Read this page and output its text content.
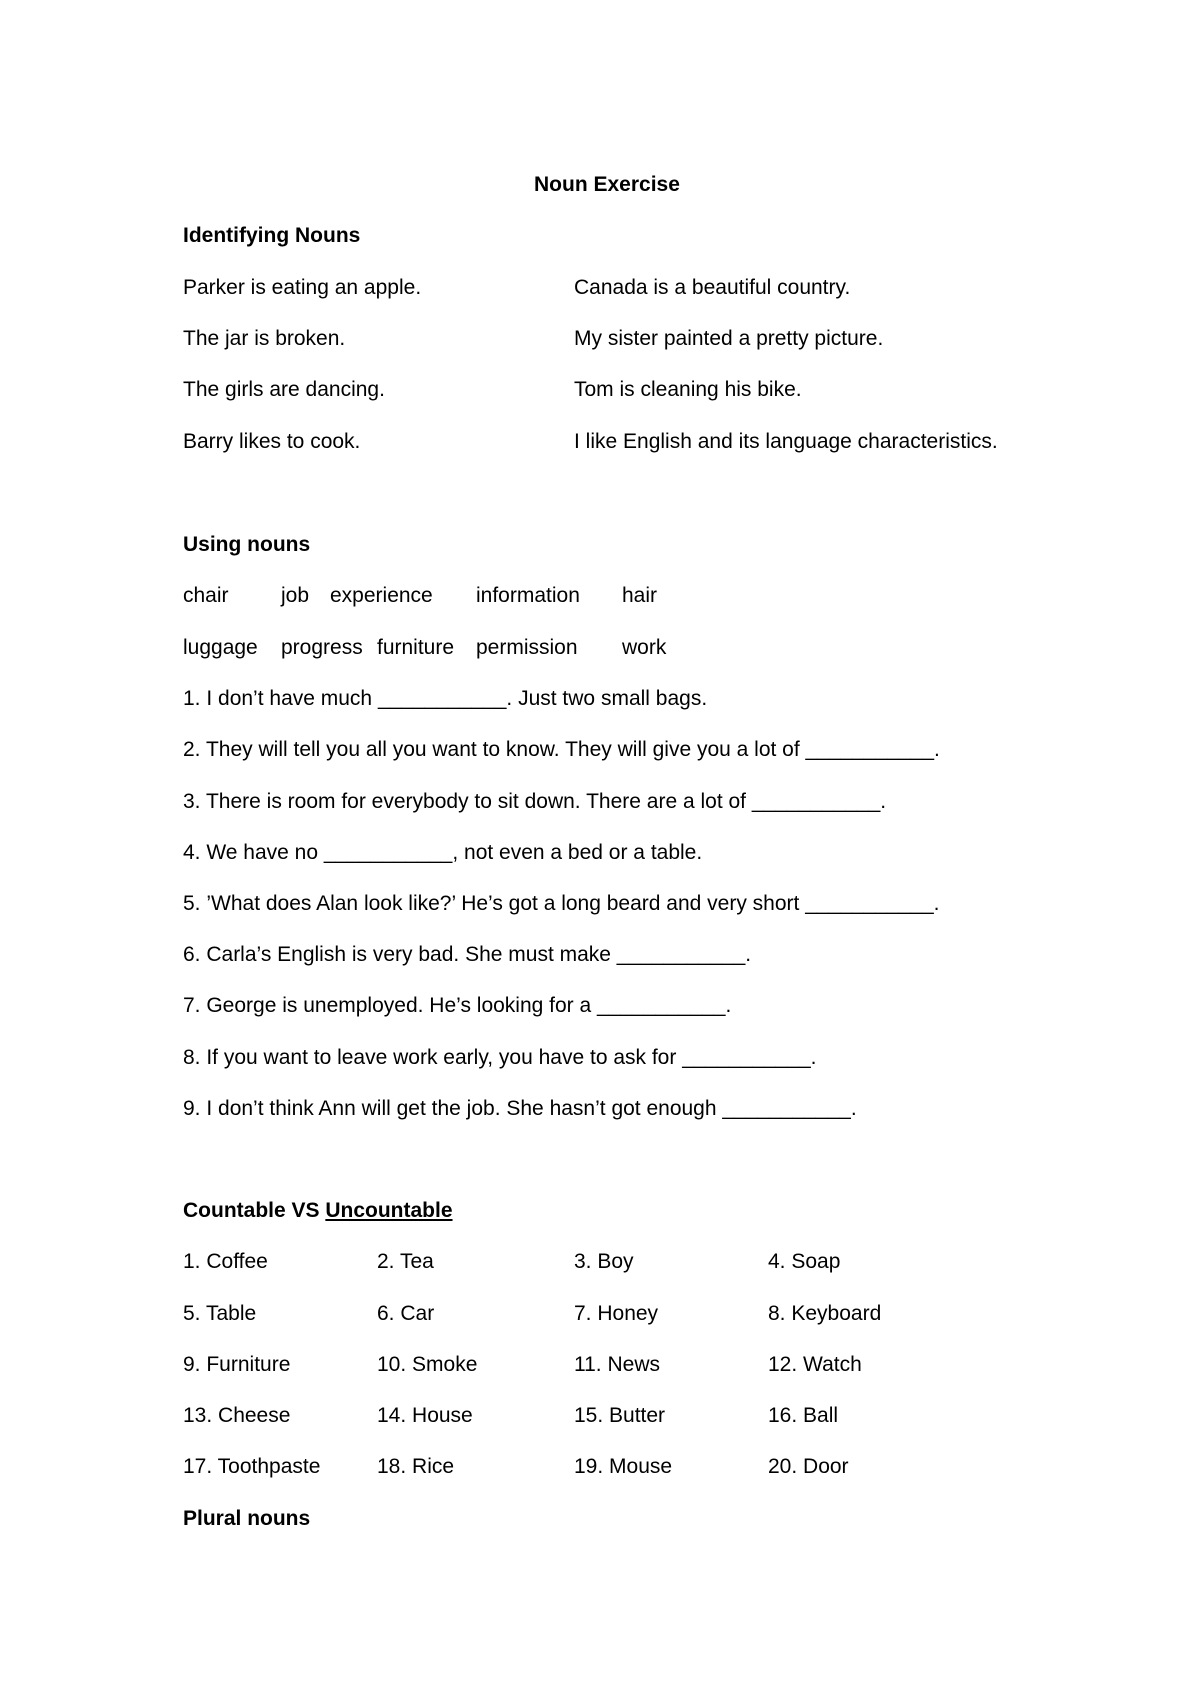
Noun Exercise
Identifying Nouns
Parker is eating an apple.	Canada is a beautiful country.
The jar is broken.	My sister painted a pretty picture.
The girls are dancing.	Tom is cleaning his bike.
Barry likes to cook.	I like English and its language characteristics.
Using nouns
chair job experience information hair
luggage progress furniture permission work
1. I don’t have much ___________. Just two small bags.
2. They will tell you all you want to know. They will give you a lot of ___________.
3. There is room for everybody to sit down. There are a lot of ___________.
4. We have no ___________, not even a bed or a table.
5. ’What does Alan look like?’ He’s got a long beard and very short ___________.
6. Carla’s English is very bad. She must make ___________.
7. George is unemployed. He’s looking for a ___________.
8. If you want to leave work early, you have to ask for ___________.
9. I don’t think Ann will get the job. She hasn’t got enough ___________.
Countable VS Uncountable
1. Coffee	2. Tea	3. Boy	4. Soap
5. Table	6. Car	7. Honey	8. Keyboard
9. Furniture	10. Smoke	11. News	12. Watch
13. Cheese	14. House	15. Butter	16. Ball
17. Toothpaste	18. Rice	19. Mouse	20. Door
Plural nouns
